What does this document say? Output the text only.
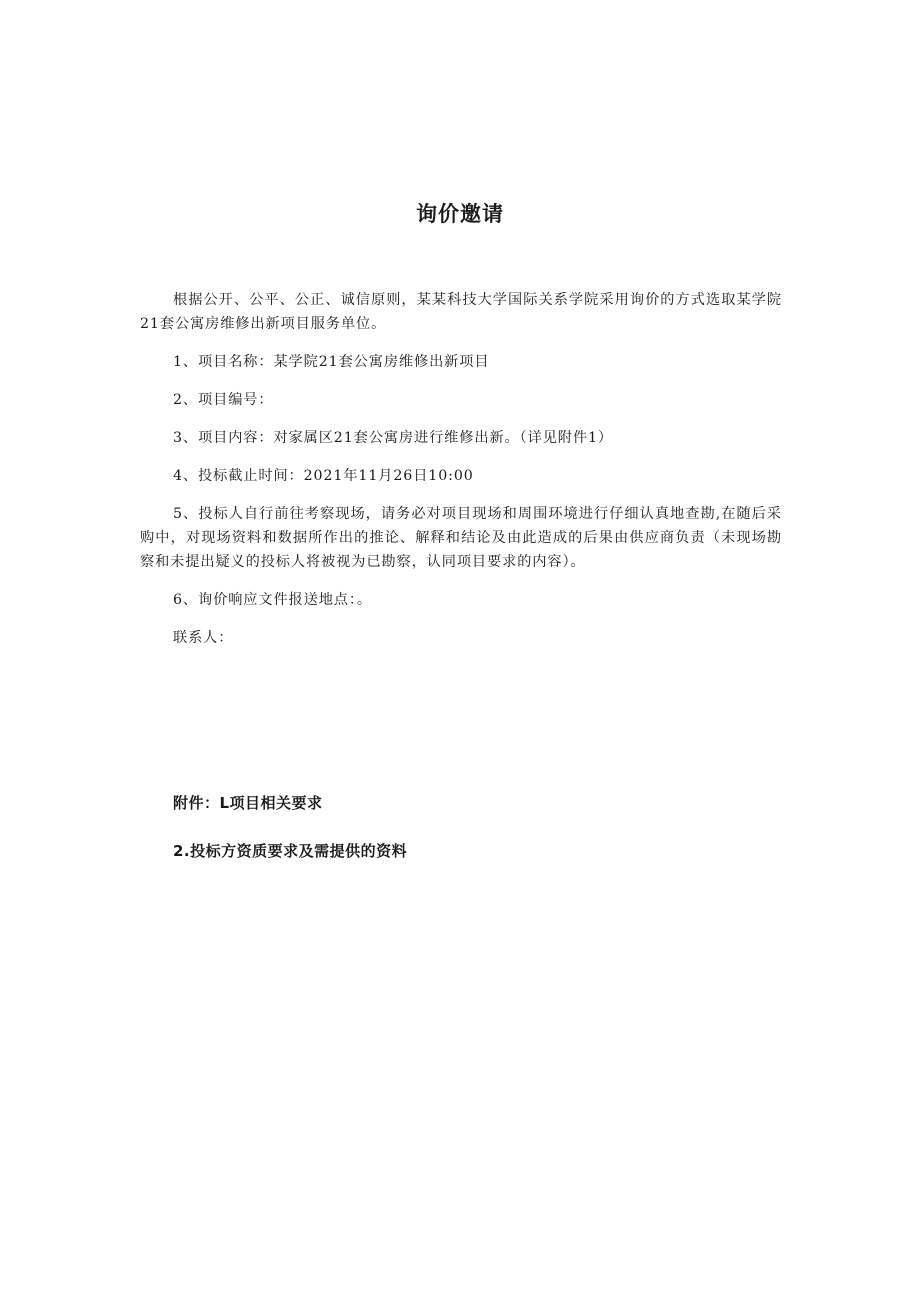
询价邀请

根据公开、公平、公正、诚信原则，某某科技大学国际关系学院采用询价的方式选取某学院21套公寓房维修出新项目服务单位。

1、项目名称：某学院21套公寓房维修出新项目

2、项目编号：

3、项目内容：对家属区21套公寓房进行维修出新。（详见附件1）

4、投标截止时间：2021年11月26日10:00

5、投标人自行前往考察现场，请务必对项目现场和周围环境进行仔细认真地查勘,在随后采购中，对现场资料和数据所作出的推论、解释和结论及由此造成的后果由供应商负责（未现场勘察和未提出疑义的投标人将被视为已勘察，认同项目要求的内容）。

6、询价响应文件报送地点：。

联系人：

附件：L项目相关要求

2.投标方资质要求及需提供的资料
